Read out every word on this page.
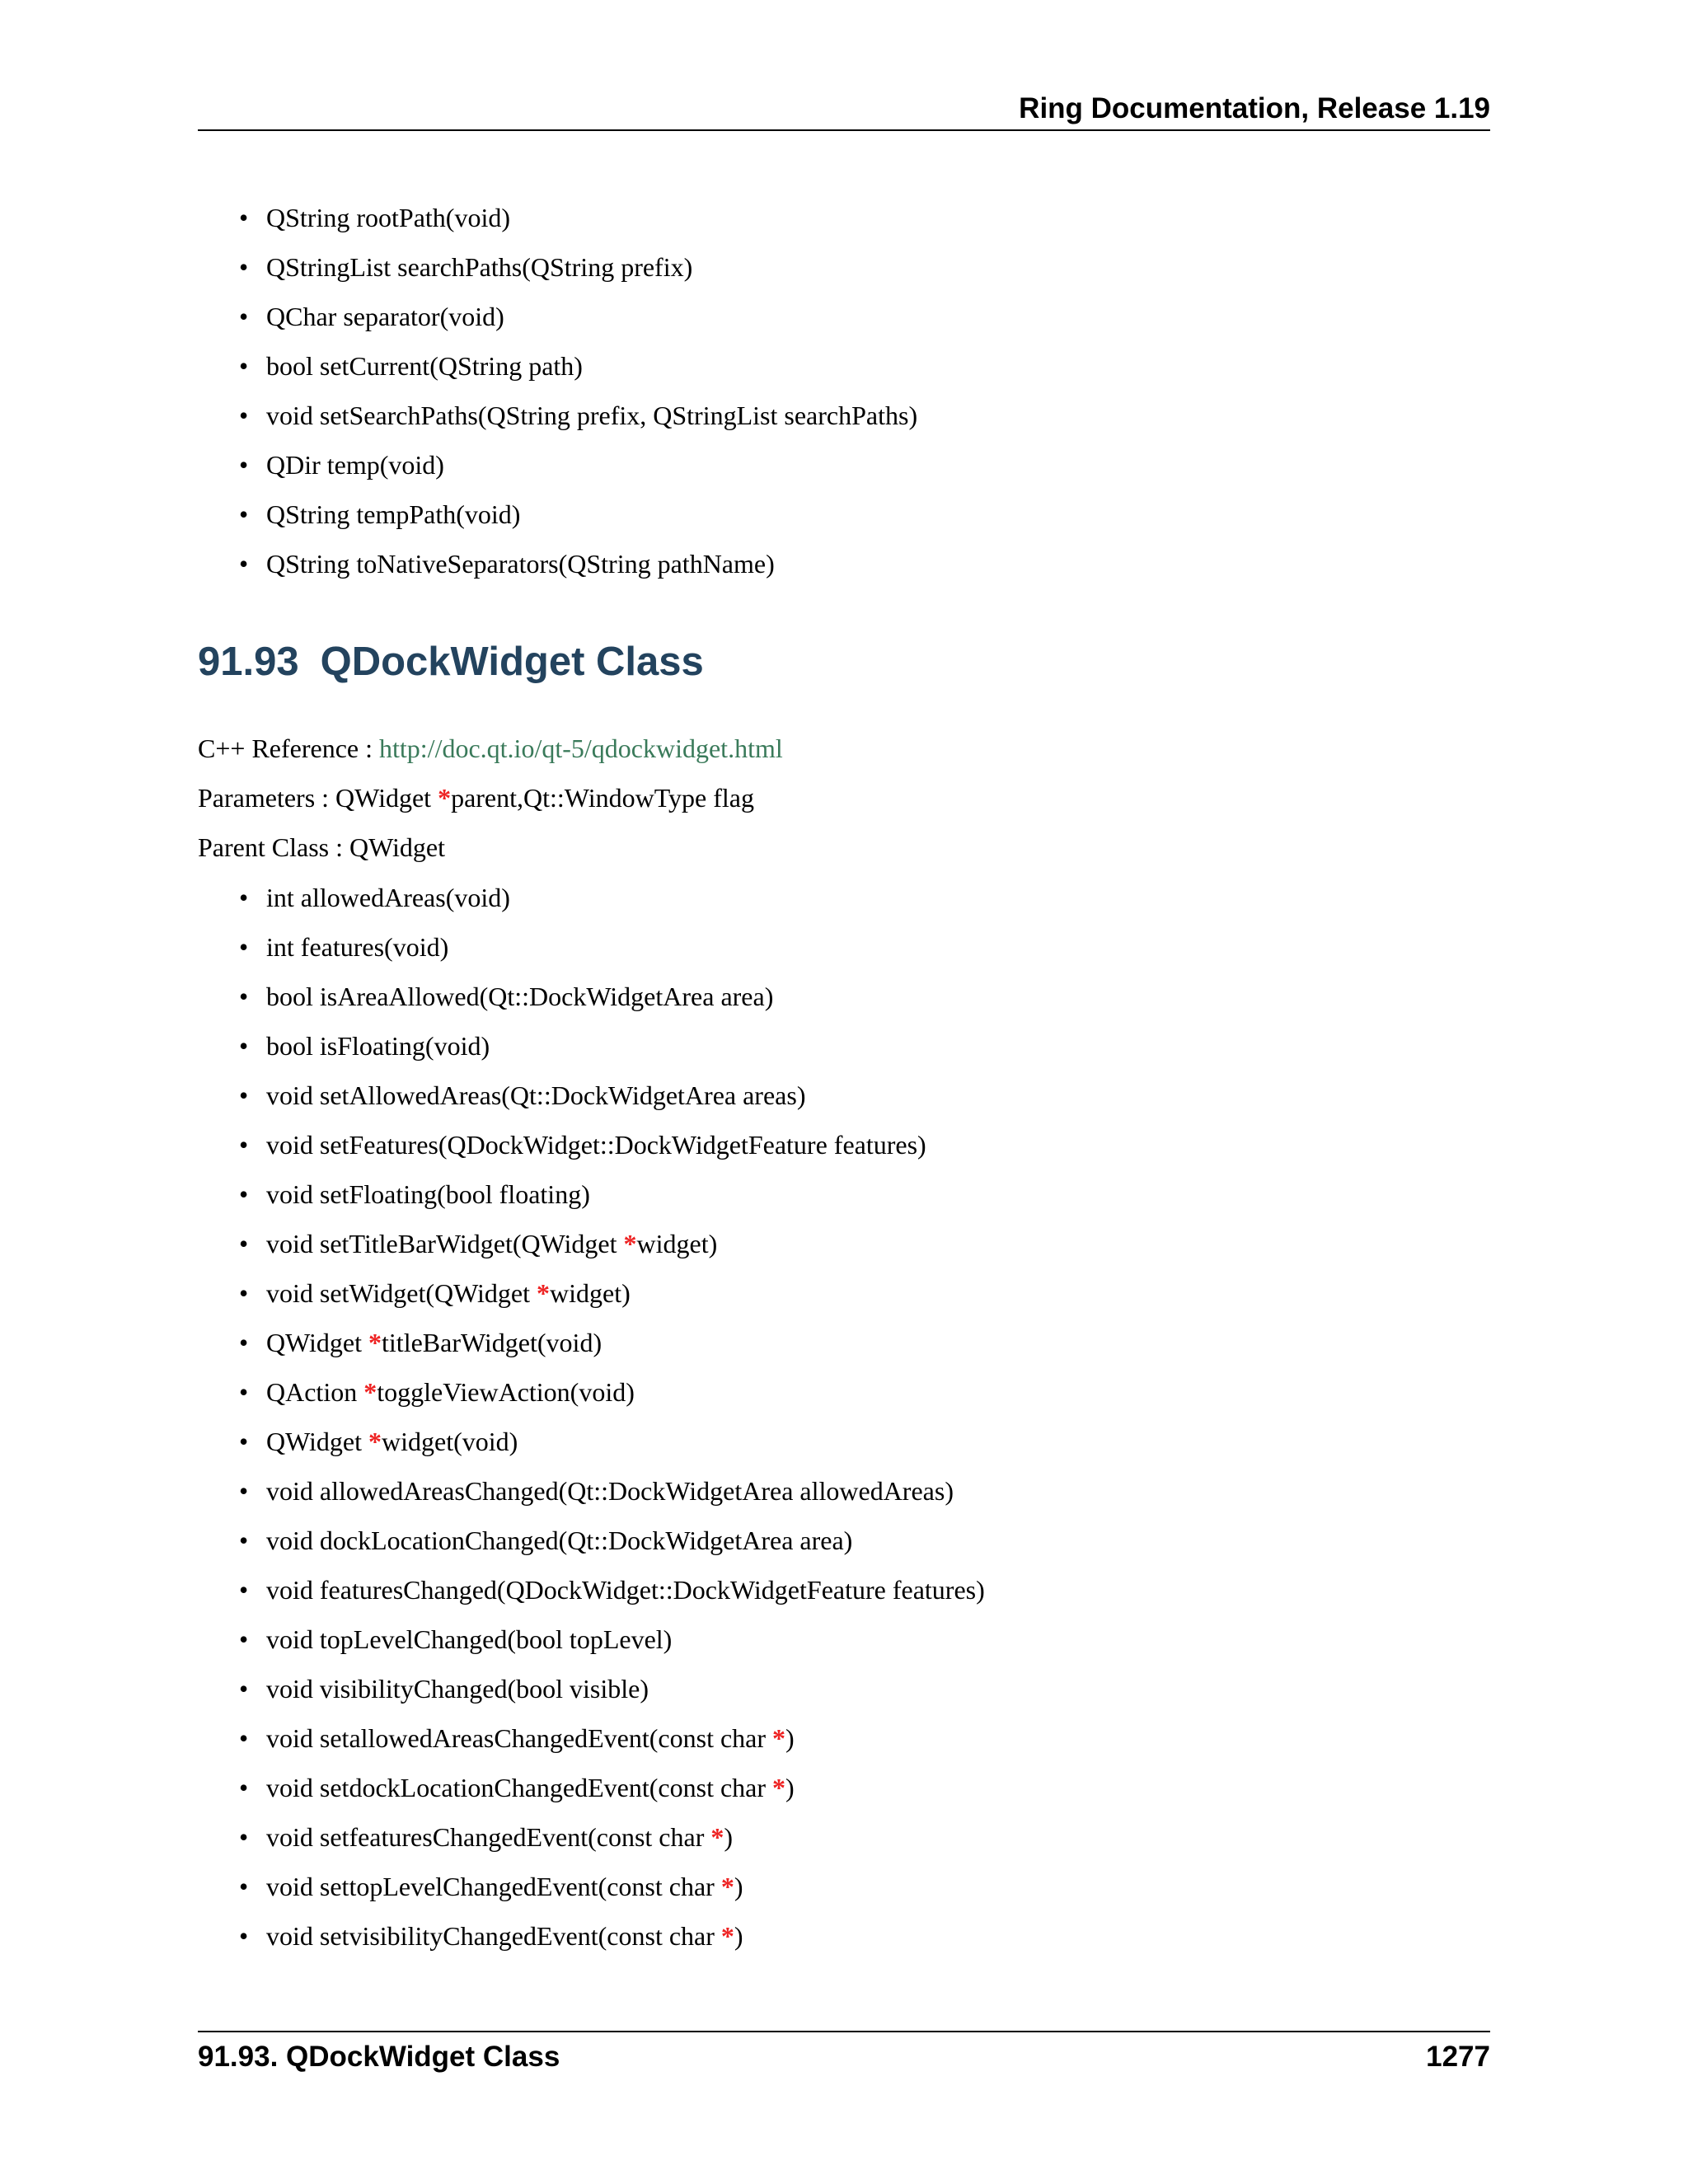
Ring Documentation, Release 1.19
• QString rootPath(void)
• QStringList searchPaths(QString prefix)
• QChar separator(void)
• bool setCurrent(QString path)
• void setSearchPaths(QString prefix, QStringList searchPaths)
• QDir temp(void)
• QString tempPath(void)
• QString toNativeSeparators(QString pathName)
91.93 QDockWidget Class
C++ Reference : http://doc.qt.io/qt-5/qdockwidget.html
Parameters : QWidget *parent,Qt::WindowType flag
Parent Class : QWidget
• int allowedAreas(void)
• int features(void)
• bool isAreaAllowed(Qt::DockWidgetArea area)
• bool isFloating(void)
• void setAllowedAreas(Qt::DockWidgetArea areas)
• void setFeatures(QDockWidget::DockWidgetFeature features)
• void setFloating(bool floating)
• void setTitleBarWidget(QWidget *widget)
• void setWidget(QWidget *widget)
• QWidget *titleBarWidget(void)
• QAction *toggleViewAction(void)
• QWidget *widget(void)
• void allowedAreasChanged(Qt::DockWidgetArea allowedAreas)
• void dockLocationChanged(Qt::DockWidgetArea area)
• void featuresChanged(QDockWidget::DockWidgetFeature features)
• void topLevelChanged(bool topLevel)
• void visibilityChanged(bool visible)
• void setallowedAreasChangedEvent(const char *)
• void setdockLocationChangedEvent(const char *)
• void setfeaturesChangedEvent(const char *)
• void settopLevelChangedEvent(const char *)
• void setvisibilityChangedEvent(const char *)
91.93. QDockWidget Class	1277
